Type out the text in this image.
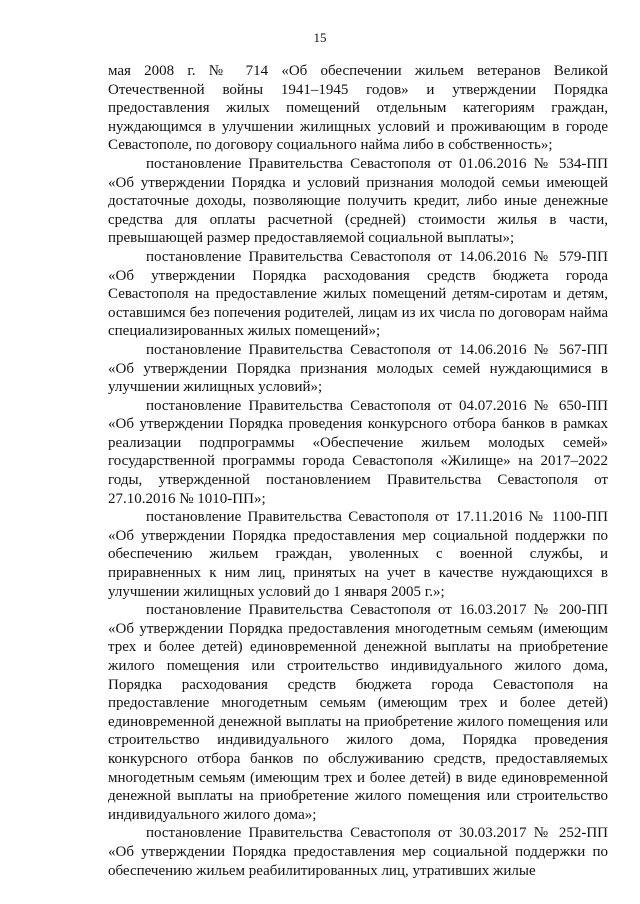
15

мая 2008 г. № 714 «Об обеспечении жильем ветеранов Великой Отечественной войны 1941–1945 годов» и утверждении Порядка предоставления жилых помещений отдельным категориям граждан, нуждающимся в улучшении жилищных условий и проживающим в городе Севастополе, по договору социального найма либо в собственность»;

постановление Правительства Севастополя от 01.06.2016 № 534-ПП «Об утверждении Порядка и условий признания молодой семьи имеющей достаточные доходы, позволяющие получить кредит, либо иные денежные средства для оплаты расчетной (средней) стоимости жилья в части, превышающей размер предоставляемой социальной выплаты»;

постановление Правительства Севастополя от 14.06.2016 № 579-ПП «Об утверждении Порядка расходования средств бюджета города Севастополя на предоставление жилых помещений детям-сиротам и детям, оставшимся без попечения родителей, лицам из их числа по договорам найма специализированных жилых помещений»;

постановление Правительства Севастополя от 14.06.2016 № 567-ПП «Об утверждении Порядка признания молодых семей нуждающимися в улучшении жилищных условий»;

постановление Правительства Севастополя от 04.07.2016 № 650-ПП «Об утверждении Порядка проведения конкурсного отбора банков в рамках реализации подпрограммы «Обеспечение жильем молодых семей» государственной программы города Севастополя «Жилище» на 2017–2022 годы, утвержденной постановлением Правительства Севастополя от 27.10.2016 № 1010-ПП»;

постановление Правительства Севастополя от 17.11.2016 № 1100-ПП «Об утверждении Порядка предоставления мер социальной поддержки по обеспечению жильем граждан, уволенных с военной службы, и приравненных к ним лиц, принятых на учет в качестве нуждающихся в улучшении жилищных условий до 1 января 2005 г.»;

постановление Правительства Севастополя от 16.03.2017 № 200-ПП «Об утверждении Порядка предоставления многодетным семьям (имеющим трех и более детей) единовременной денежной выплаты на приобретение жилого помещения или строительство индивидуального жилого дома, Порядка расходования средств бюджета города Севастополя на предоставление многодетным семьям (имеющим трех и более детей) единовременной денежной выплаты на приобретение жилого помещения или строительство индивидуального жилого дома, Порядка проведения конкурсного отбора банков по обслуживанию средств, предоставляемых многодетным семьям (имеющим трех и более детей) в виде единовременной денежной выплаты на приобретение жилого помещения или строительство индивидуального жилого дома»;

постановление Правительства Севастополя от 30.03.2017 № 252-ПП «Об утверждении Порядка предоставления мер социальной поддержки по обеспечению жильем реабилитированных лиц, утративших жилые
